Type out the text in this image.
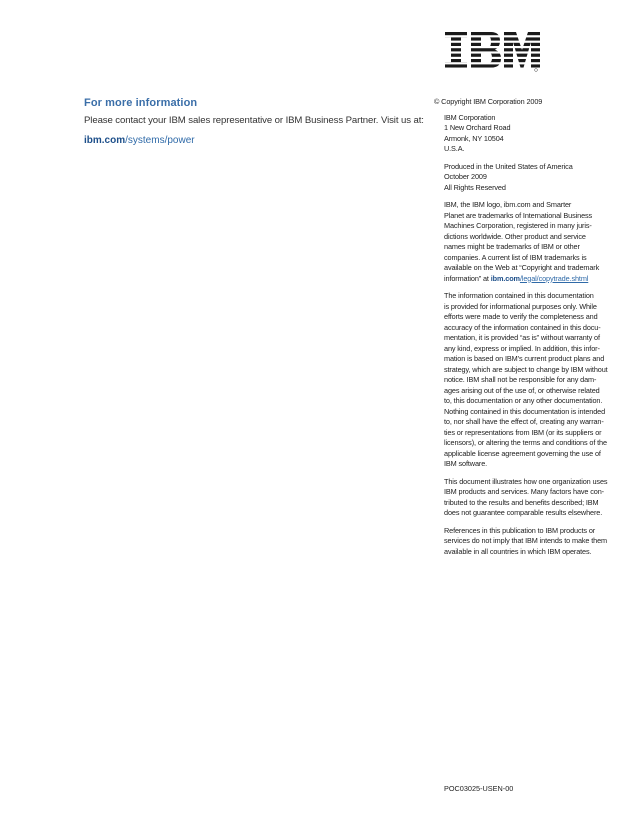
For more information

Please contact your IBM sales representative or IBM Business Partner. Visit us at:

ibm.com/systems/power

© Copyright IBM Corporation 2009

IBM Corporation

1 New Orchard Road

Armonk, NY 10504

U.S.A.

Produced in the United States of America

October 2009

All Rights Reserved

IBM, the IBM logo, ibm.com and Smarter

Planet are trademarks of International Business

Machines Corporation, registered in many juris-

dictions worldwide. Other product and service

names might be trademarks of IBM or other

companies. A current list of IBM trademarks is

available on the Web at “Copyright and trademark

information” at ibm.com/legal/copytrade.shtml

The information contained in this documentation

is provided for informational purposes only. While

efforts were made to verify the completeness and

accuracy of the information contained in this docu-

mentation, it is provided “as is” without warranty of

any kind, express or implied. In addition, this infor-

mation is based on IBM’s current product plans and

strategy, which are subject to change by IBM without

notice. IBM shall not be responsible for any dam-

ages arising out of the use of, or otherwise related

to, this documentation or any other documentation.

Nothing contained in this documentation is intended

to, nor shall have the effect of, creating any warran-

ties or representations from IBM (or its suppliers or

licensors), or altering the terms and conditions of the

applicable license agreement governing the use of

IBM software.

This document illustrates how one organization uses

IBM products and services. Many factors have con-

tributed to the results and benefits described; IBM

does not guarantee comparable results elsewhere.

References in this publication to IBM products or

services do not imply that IBM intends to make them

available in all countries in which IBM operates.

POC03025-USEN-00
